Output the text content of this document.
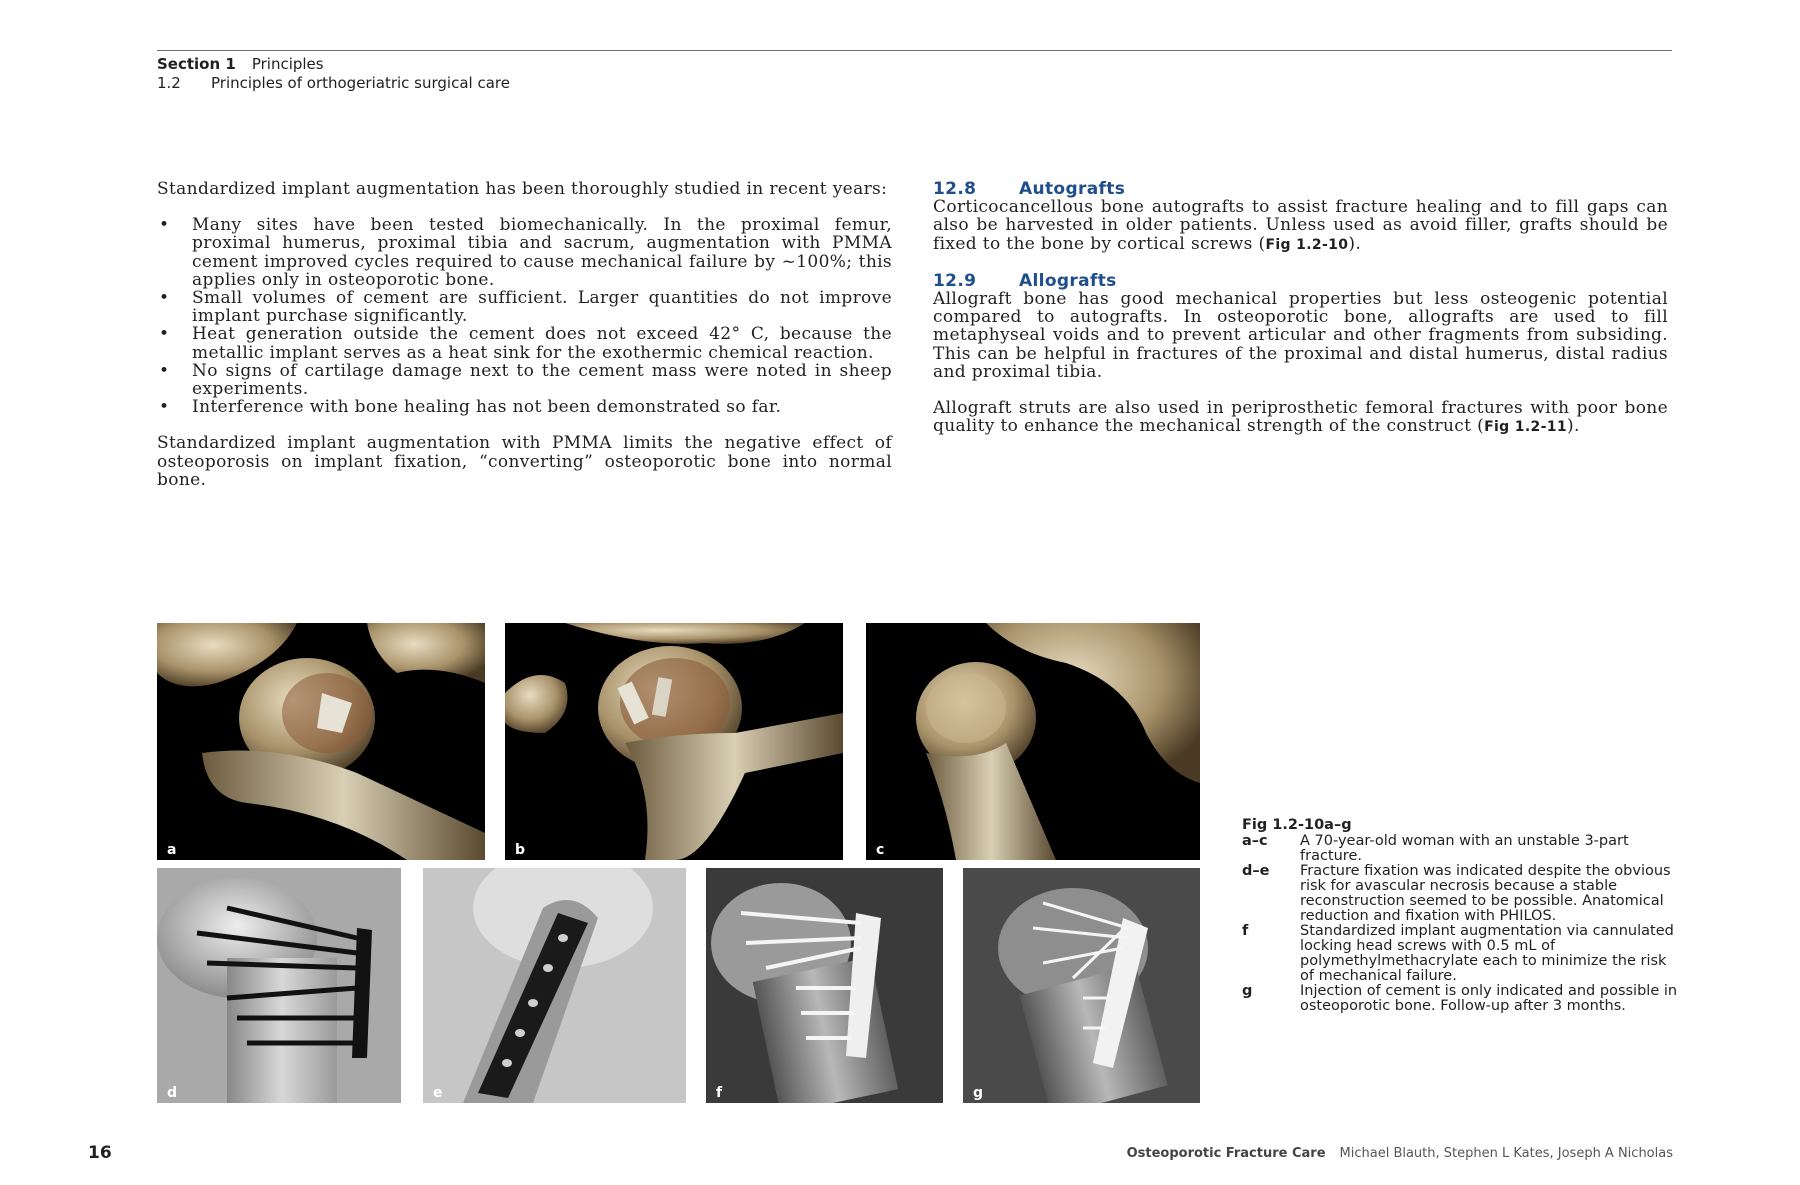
Section 1 Principles
1.2 Principles of orthogeriatric surgical care

Standardized implant augmentation has been thoroughly studied in recent years:

• Many sites have been tested biomechanically. In the proximal femur, proximal humerus, proximal tibia and sacrum, augmentation with PMMA cement improved cycles required to cause mechanical failure by ~100%; this applies only in osteoporotic bone.
• Small volumes of cement are sufficient. Larger quantities do not improve implant purchase significantly.
• Heat generation outside the cement does not exceed 42° C, because the metallic implant serves as a heat sink for the exothermic chemical reaction.
• No signs of cartilage damage next to the cement mass were noted in sheep experiments.
• Interference with bone healing has not been demonstrated so far.

Standardized implant augmentation with PMMA limits the negative effect of osteoporosis on implant fixation, “converting” osteoporotic bone into normal bone.

12.8	Autografts

Corticocancellous bone autografts to assist fracture healing and to fill gaps can also be harvested in older patients. Unless used as avoid filler, grafts should be fixed to the bone by cortical screws (Fig 1.2-10).

12.9	Allografts

Allograft bone has good mechanical properties but less osteogenic potential compared to autografts. In osteoporotic bone, allografts are used to fill metaphyseal voids and to prevent articular and other fragments from subsiding. This can be helpful in fractures of the proximal and distal humerus, distal radius and proximal tibia.

Allograft struts are also used in periprosthetic femoral fractures with poor bone quality to enhance the mechanical strength of the construct (Fig 1.2-11).

a	b	c
d	e	f	g
Fig 1.2-10a–g
a–c	A 70-year-old woman with an unstable 3-part fracture.
d–e	Fracture fixation was indicated despite the obvious risk for avascular necrosis because a stable reconstruction seemed to be possible. Anatomical reduction and fixation with PHILOS.
f	Standardized implant augmentation via cannulated locking head screws with 0.5 mL of polymethylmethacrylate each to minimize the risk of mechanical failure.
g	Injection of cement is only indicated and possible in osteoporotic bone. Follow-up after 3 months.
16	Osteoporotic Fracture Care Michael Blauth, Stephen L Kates, Joseph A Nicholas
